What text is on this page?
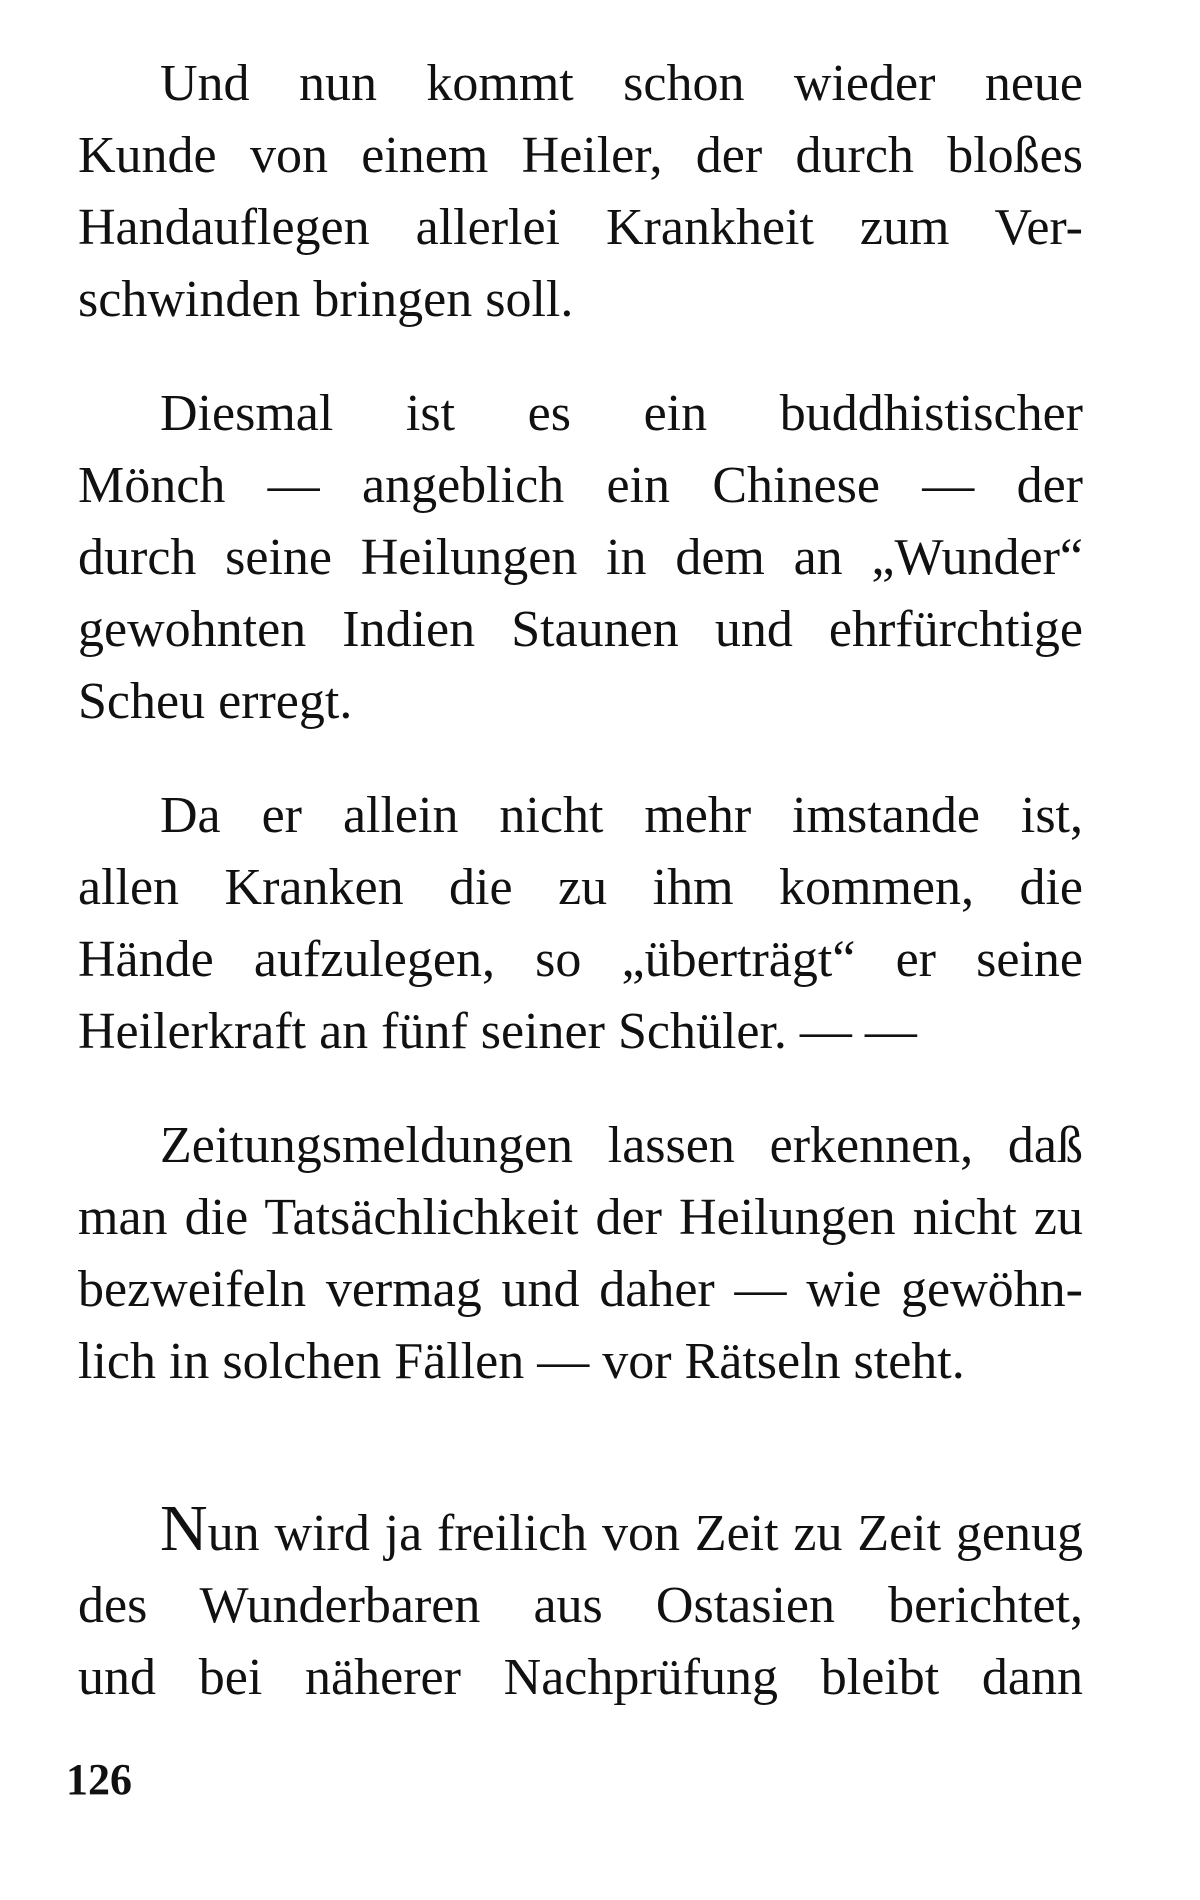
Und nun kommt schon wieder neue
Kunde von einem Heiler, der durch bloßes
Handauflegen allerlei Krankheit zum Ver-
schwinden bringen soll.
Diesmal ist es ein buddhistischer
Mönch — angeblich ein Chinese — der
durch seine Heilungen in dem an „Wunder“
gewohnten Indien Staunen und ehrfürchtige
Scheu erregt.
Da er allein nicht mehr imstande ist,
allen Kranken die zu ihm kommen, die
Hände aufzulegen, so „überträgt“ er seine
Heilerkraft an fünf seiner Schüler. — —
Zeitungsmeldungen lassen erkennen, daß
man die Tatsächlichkeit der Heilungen nicht zu
bezweifeln vermag und daher — wie gewöhn-
lich in solchen Fällen — vor Rätseln steht.
Nun wird ja freilich von Zeit zu Zeit genug
des Wunderbaren aus Ostasien berichtet,
und bei näherer Nachprüfung bleibt dann
126
